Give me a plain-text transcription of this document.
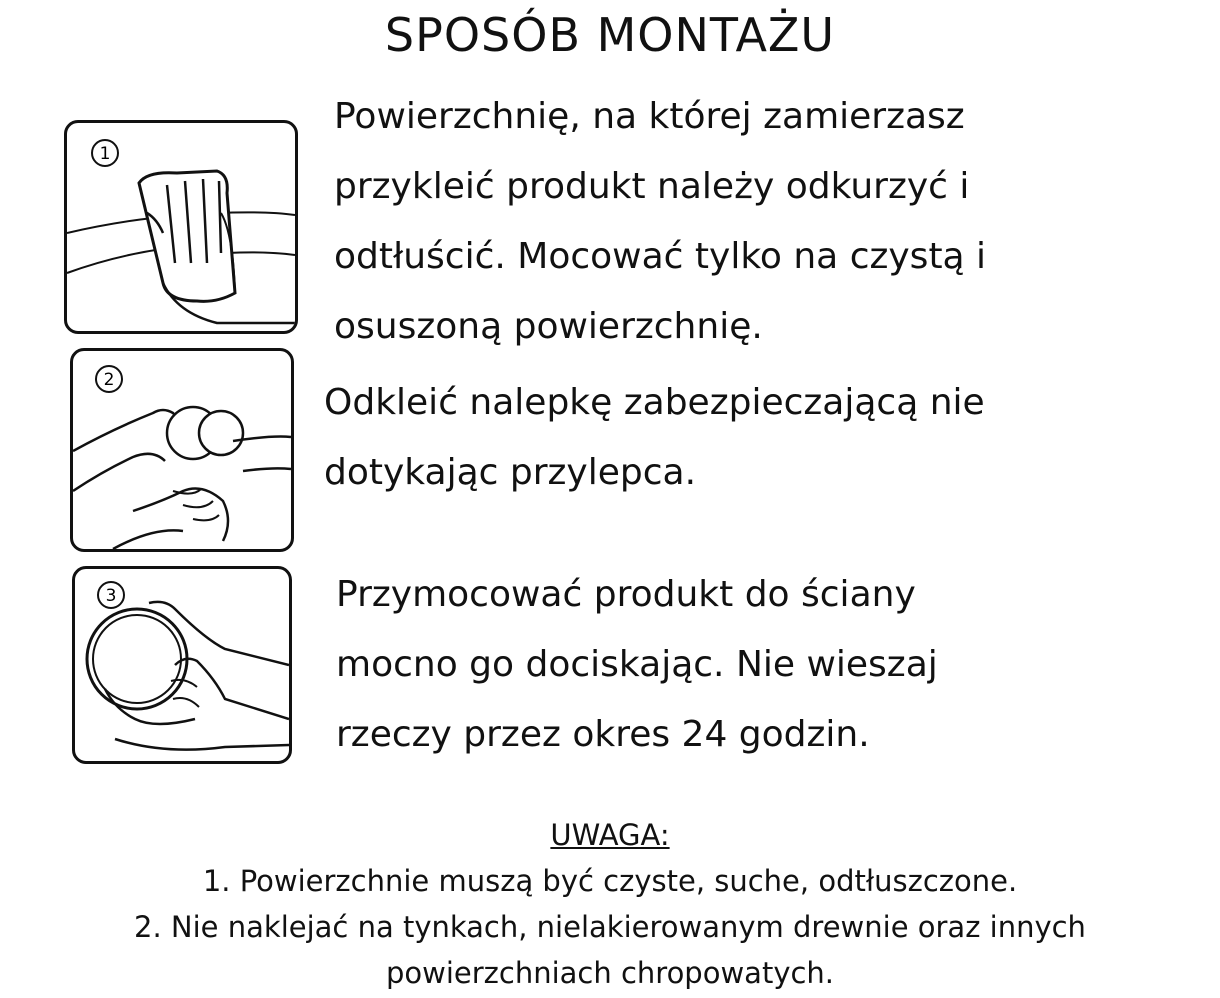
SPOSÓB MONTAŻU
1
2
3

Powierzchnię, na której zamierzasz
przykleić produkt należy odkurzyć i
odtłuścić. Mocować tylko na czystą i
osuszoną powierzchnię.

Odkleić nalepkę zabezpieczającą nie
dotykając przylepca.

Przymocować produkt do ściany
mocno go dociskając. Nie wieszaj
rzeczy przez okres 24 godzin.

UWAGA:
1. Powierzchnie muszą być czyste, suche, odtłuszczone.
2. Nie naklejać na tynkach, nielakierowanym drewnie oraz innych
powierzchniach chropowatych.
